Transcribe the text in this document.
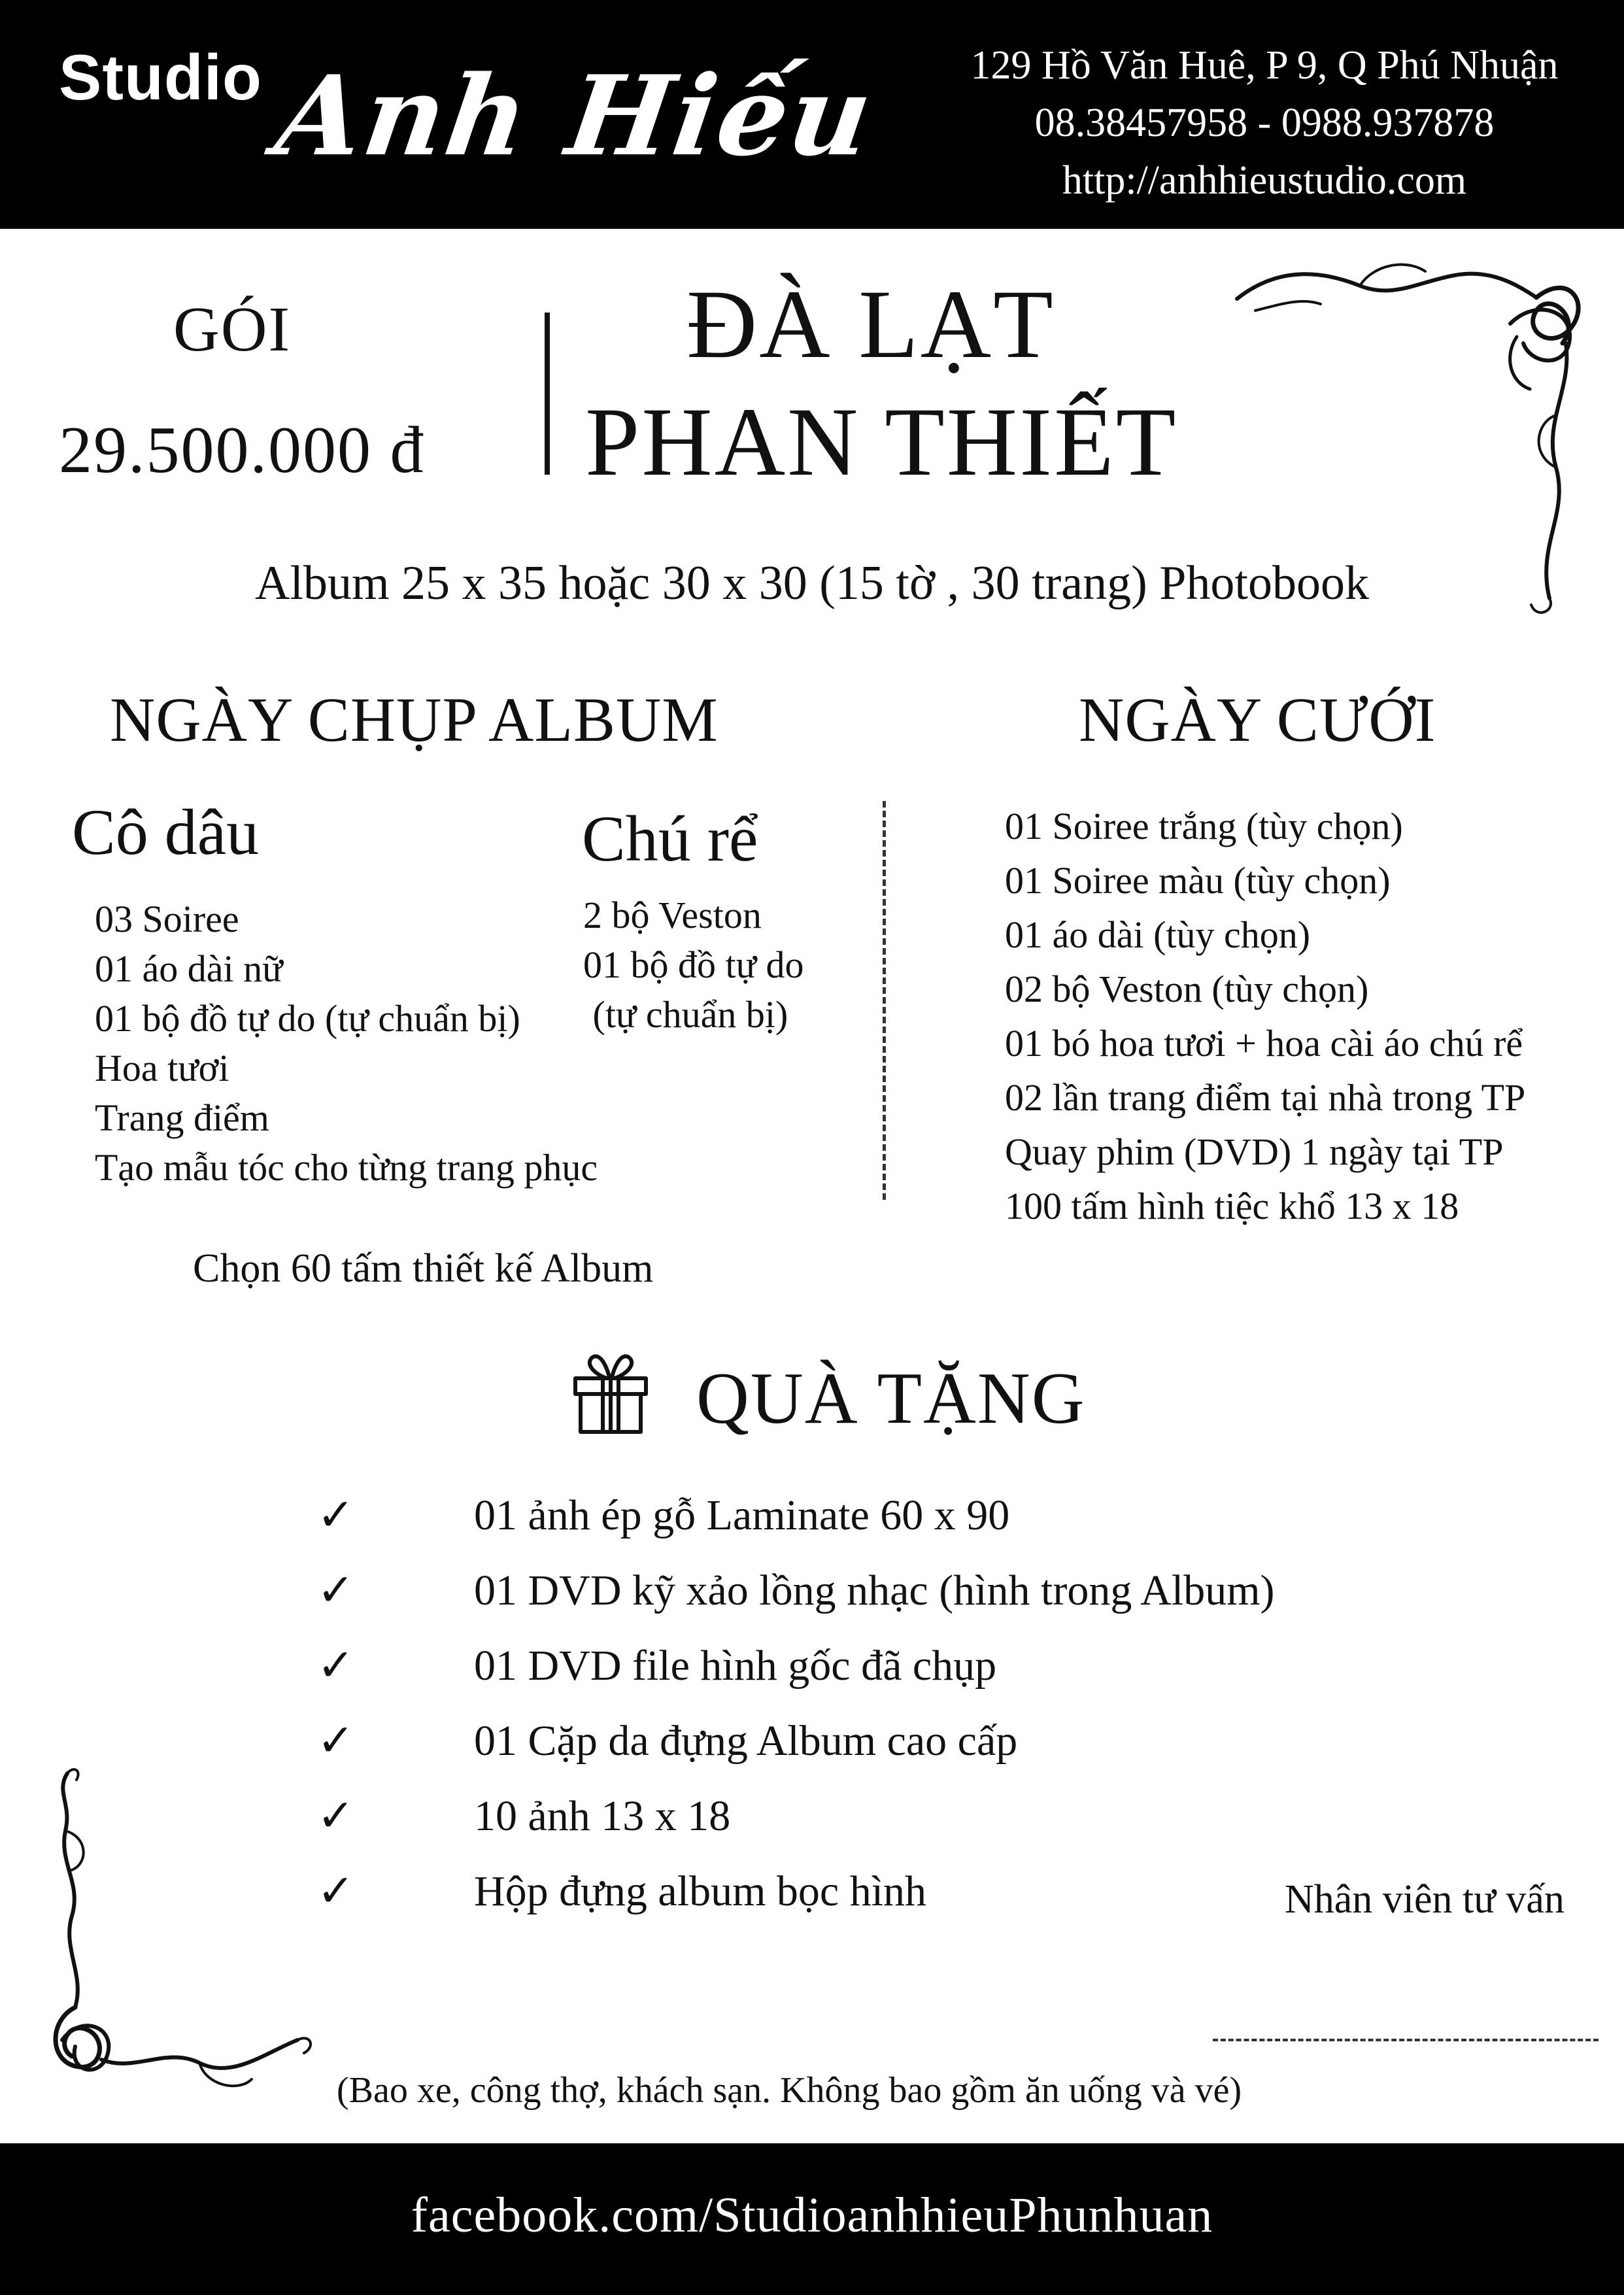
Studio Anh Hiếu	129 Hồ Văn Huê, P 9, Q Phú Nhuận
08.38457958 - 0988.937878
http://anhhieustudio.com
GÓI
29.500.000 đ
ĐÀ LẠT
PHAN THIẾT
Album 25 x 35 hoặc 30 x 30 (15 tờ , 30 trang) Photobook
NGÀY CHỤP ALBUM
Cô dâu
03 Soiree
01 áo dài nữ
01 bộ đồ tự do (tự chuẩn bị)
Hoa tươi
Trang điểm
Tạo mẫu tóc cho từng trang phục
Chú rể
2 bộ Veston
01 bộ đồ tự do
(tự chuẩn bị)
Chọn 60 tấm thiết kế Album
NGÀY CƯỚI
01 Soiree trắng (tùy chọn)
01 Soiree màu (tùy chọn)
01 áo dài (tùy chọn)
02 bộ Veston (tùy chọn)
01 bó hoa tươi + hoa cài áo chú rể
02 lần trang điểm tại nhà trong TP
Quay phim (DVD) 1 ngày tại TP
100 tấm hình tiệc khổ 13 x 18
QUÀ TẶNG
✓	01 ảnh ép gỗ Laminate 60 x 90
✓	01 DVD kỹ xảo lồng nhạc (hình trong Album)
✓	01 DVD file hình gốc đã chụp
✓	01 Cặp da đựng Album cao cấp
✓	10 ảnh 13 x 18
✓	Hộp đựng album bọc hình	Nhân viên tư vấn
(Bao xe, công thợ, khách sạn. Không bao gồm ăn uống và vé)
facebook.com/StudioanhhieuPhunhuan
